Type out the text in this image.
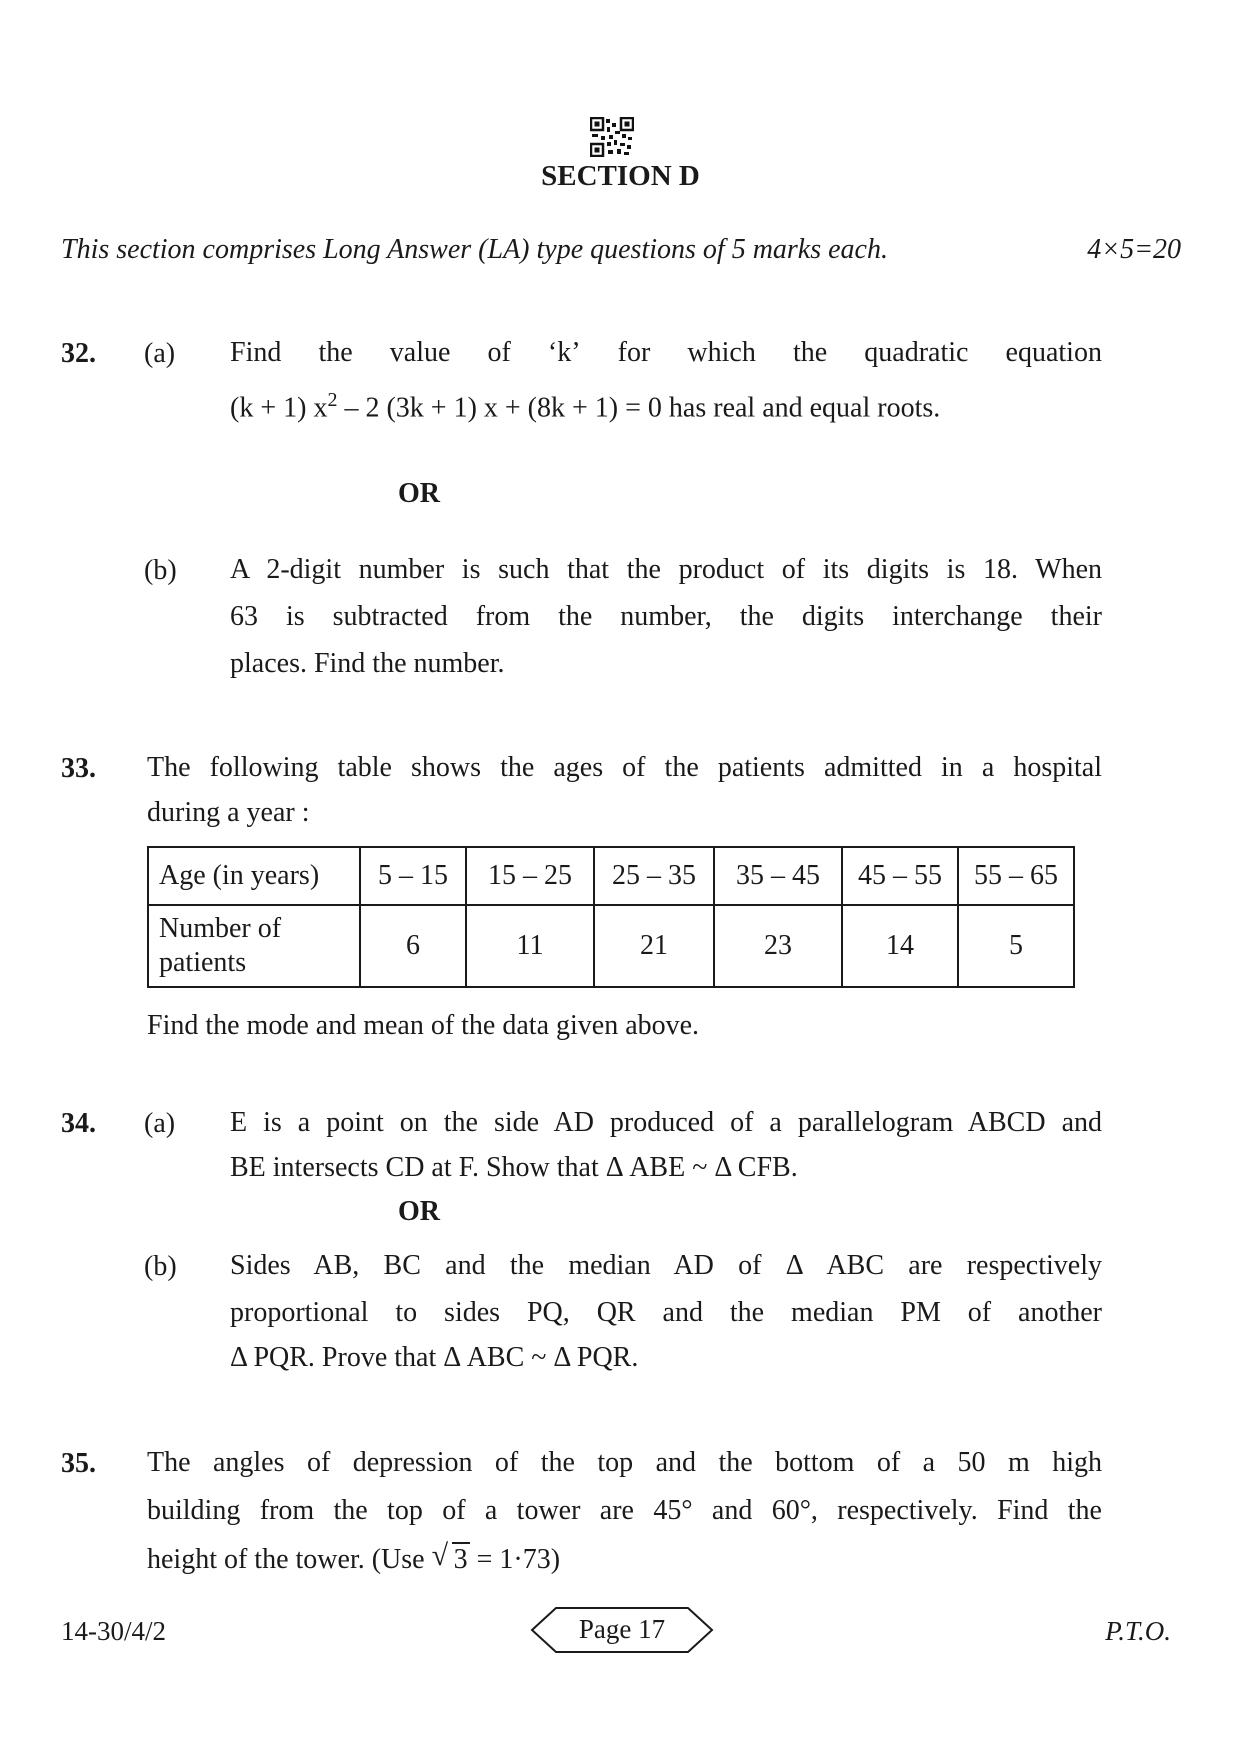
SECTION D
This section comprises Long Answer (LA) type questions of 5 marks each.	4×5=20
32. (a) Find the value of ‘k’ for which the quadratic equation
(k + 1) $x^2 - 2$ (3k + 1) x + (8k + 1) = 0 has real and equal roots.
OR
(b) A 2-digit number is such that the product of its digits is 18. When
63 is subtracted from the number, the digits interchange their
places. Find the number.
33. The following table shows the ages of the patients admitted in a hospital
during a year :
Age (in years)	5 – 15	15 – 25	25 – 35	35 – 45	45 – 55	55 – 65

Number of
patients	6	11	21	23	14	5
Find the mode and mean of the data given above.
34. (a) E is a point on the side AD produced of a parallelogram ABCD and
BE intersects CD at F. Show that Δ ABE ~ Δ CFB.
OR
(b) Sides AB, BC and the median AD of Δ ABC are respectively
proportional to sides PQ, QR and the median PM of another
Δ PQR. Prove that Δ ABC ~ Δ PQR.
35. The angles of depression of the top and the bottom of a 50 m high
building from the top of a tower are 45° and 60°, respectively. Find the
height of the tower. (Use √ 3 = 1·73)
14-30/4/2	Page 17	P.T.O.
